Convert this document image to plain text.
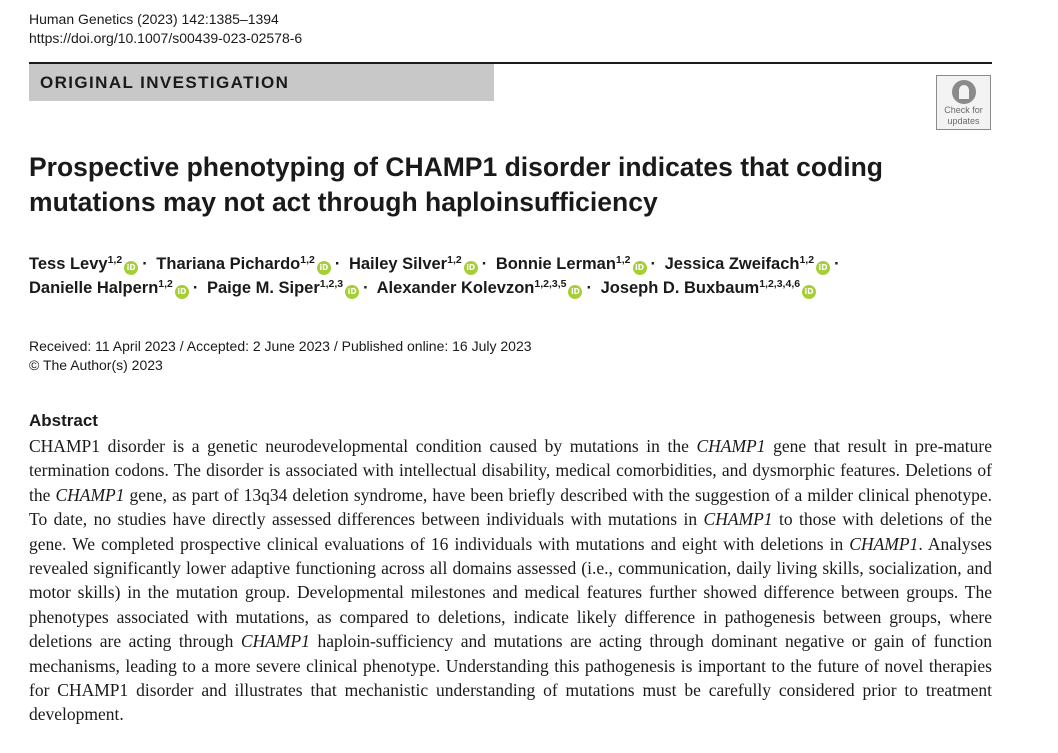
Human Genetics (2023) 142:1385–1394
https://doi.org/10.1007/s00439-023-02578-6
ORIGINAL INVESTIGATION
Check for
updates
Prospective phenotyping of CHAMP1 disorder indicates that coding mutations may not act through haploinsufficiency
Tess Levy$^{1,2}$iD · Thariana Pichardo$^{1,2}$iD · Hailey Silver$^{1,2}$iD · Bonnie Lerman$^{1,2}$iD · Jessica Zweifach$^{1,2}$iD ·
Danielle Halpern$^{1,2}$iD · Paige M. Siper$^{1,2,3}$iD · Alexander Kolevzon$^{1,2,3,5}$iD · Joseph D. Buxbaum$^{1,2,3,4,6}$iD
Received: 11 April 2023 / Accepted: 2 June 2023 / Published online: 16 July 2023
© The Author(s) 2023
Abstract

CHAMP1 disorder is a genetic neurodevelopmental condition caused by mutations in the CHAMP1 gene that result in pre-mature termination codons. The disorder is associated with intellectual disability, medical comorbidities, and dysmorphic features. Deletions of the CHAMP1 gene, as part of 13q34 deletion syndrome, have been briefly described with the suggestion of a milder clinical phenotype. To date, no studies have directly assessed differences between individuals with mutations in CHAMP1 to those with deletions of the gene. We completed prospective clinical evaluations of 16 individuals with mutations and eight with deletions in CHAMP1. Analyses revealed significantly lower adaptive functioning across all domains assessed (i.e., communication, daily living skills, socialization, and motor skills) in the mutation group. Developmental milestones and medical features further showed difference between groups. The phenotypes associated with mutations, as compared to deletions, indicate likely difference in pathogenesis between groups, where deletions are acting through CHAMP1 haploin-sufficiency and mutations are acting through dominant negative or gain of function mechanisms, leading to a more severe clinical phenotype. Understanding this pathogenesis is important to the future of novel therapies for CHAMP1 disorder and illustrates that mechanistic understanding of mutations must be carefully considered prior to treatment development.
